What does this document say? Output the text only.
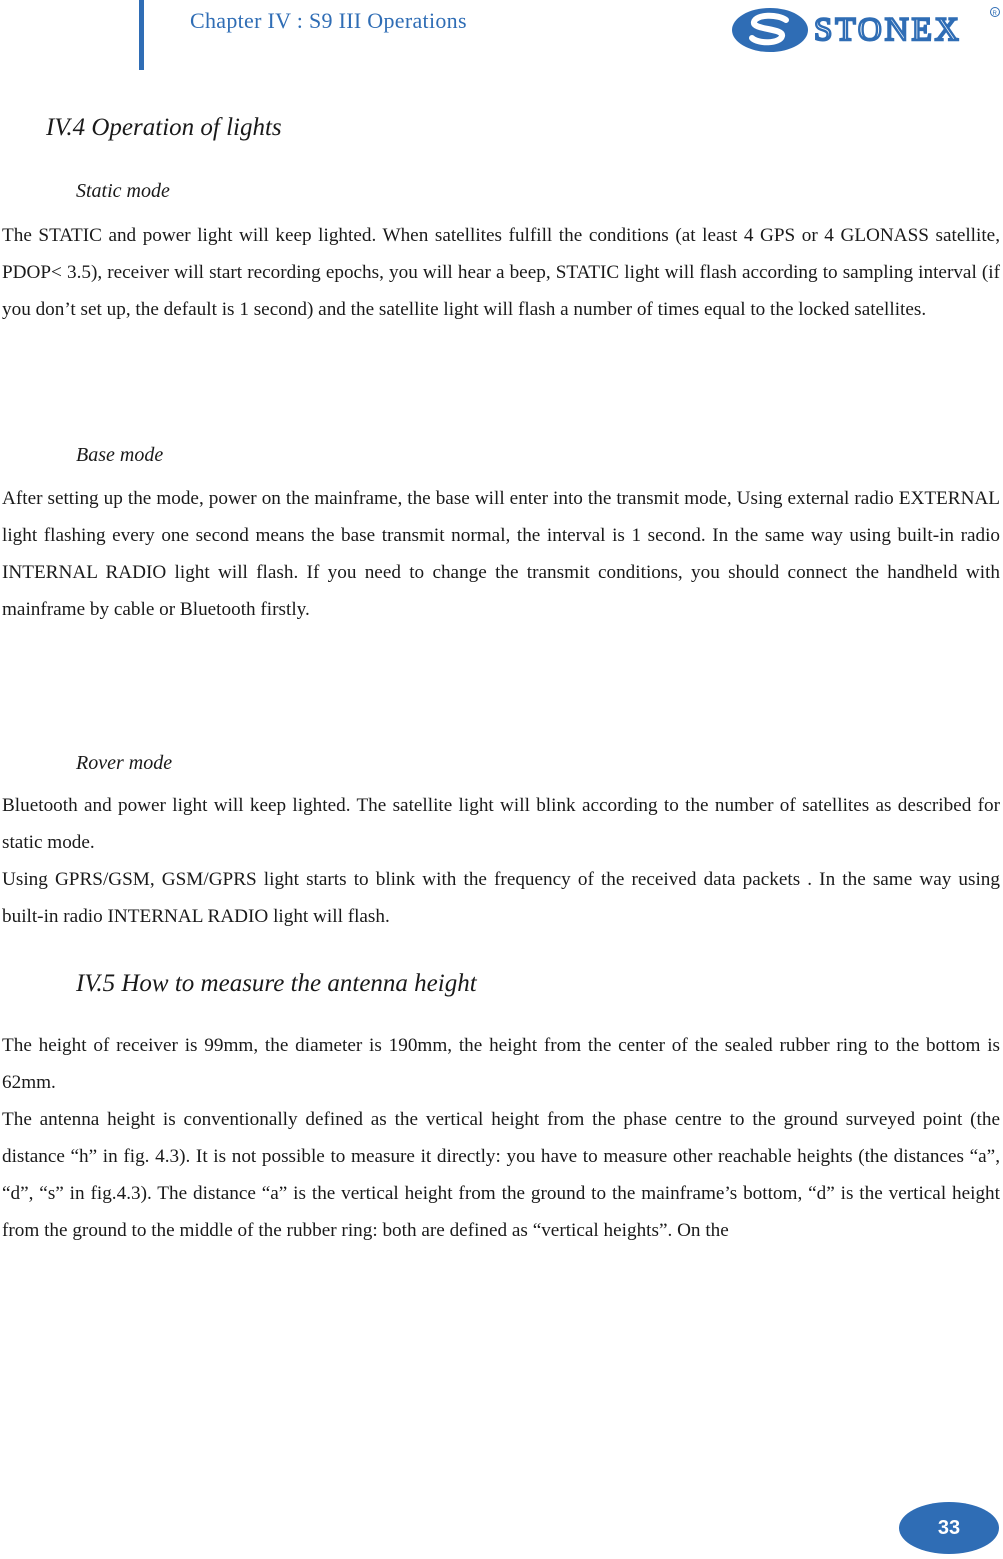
Chapter IV : S9 III Operations	STONEX	R
IV.4 Operation of lights
Static mode

The STATIC and power light will keep lighted. When satellites fulfill the conditions (at least 4 GPS or 4 GLONASS satellite, PDOP< 3.5), receiver will start recording epochs, you will hear a beep, STATIC light will flash according to sampling interval (if you don’t set up, the default is 1 second) and the satellite light will flash a number of times equal to the locked satellites.

Base mode

After setting up the mode, power on the mainframe, the base will enter into the transmit mode, Using external radio EXTERNAL light flashing every one second means the base transmit normal, the interval is 1 second. In the same way using built-in radio INTERNAL RADIO light will flash. If you need to change the transmit conditions, you should connect the handheld with mainframe by cable or Bluetooth firstly.

Rover mode

Bluetooth and power light will keep lighted. The satellite light will blink according to the number of satellites as described for static mode.

Using GPRS/GSM, GSM/GPRS light starts to blink with the frequency of the received data packets . In the same way using built-in radio INTERNAL RADIO light will flash.

IV.5 How to measure the antenna height

The height of receiver is 99mm, the diameter is 190mm, the height from the center of the sealed rubber ring to the bottom is 62mm.

The antenna height is conventionally defined as the vertical height from the phase centre to the ground surveyed point (the distance “h” in fig. 4.3). It is not possible to measure it directly: you have to measure other reachable heights (the distances “a”, “d”, “s” in fig.4.3). The distance “a” is the vertical height from the ground to the mainframe’s bottom, “d” is the vertical height from the ground to the middle of the rubber ring: both are defined as “vertical heights”. On the

33
